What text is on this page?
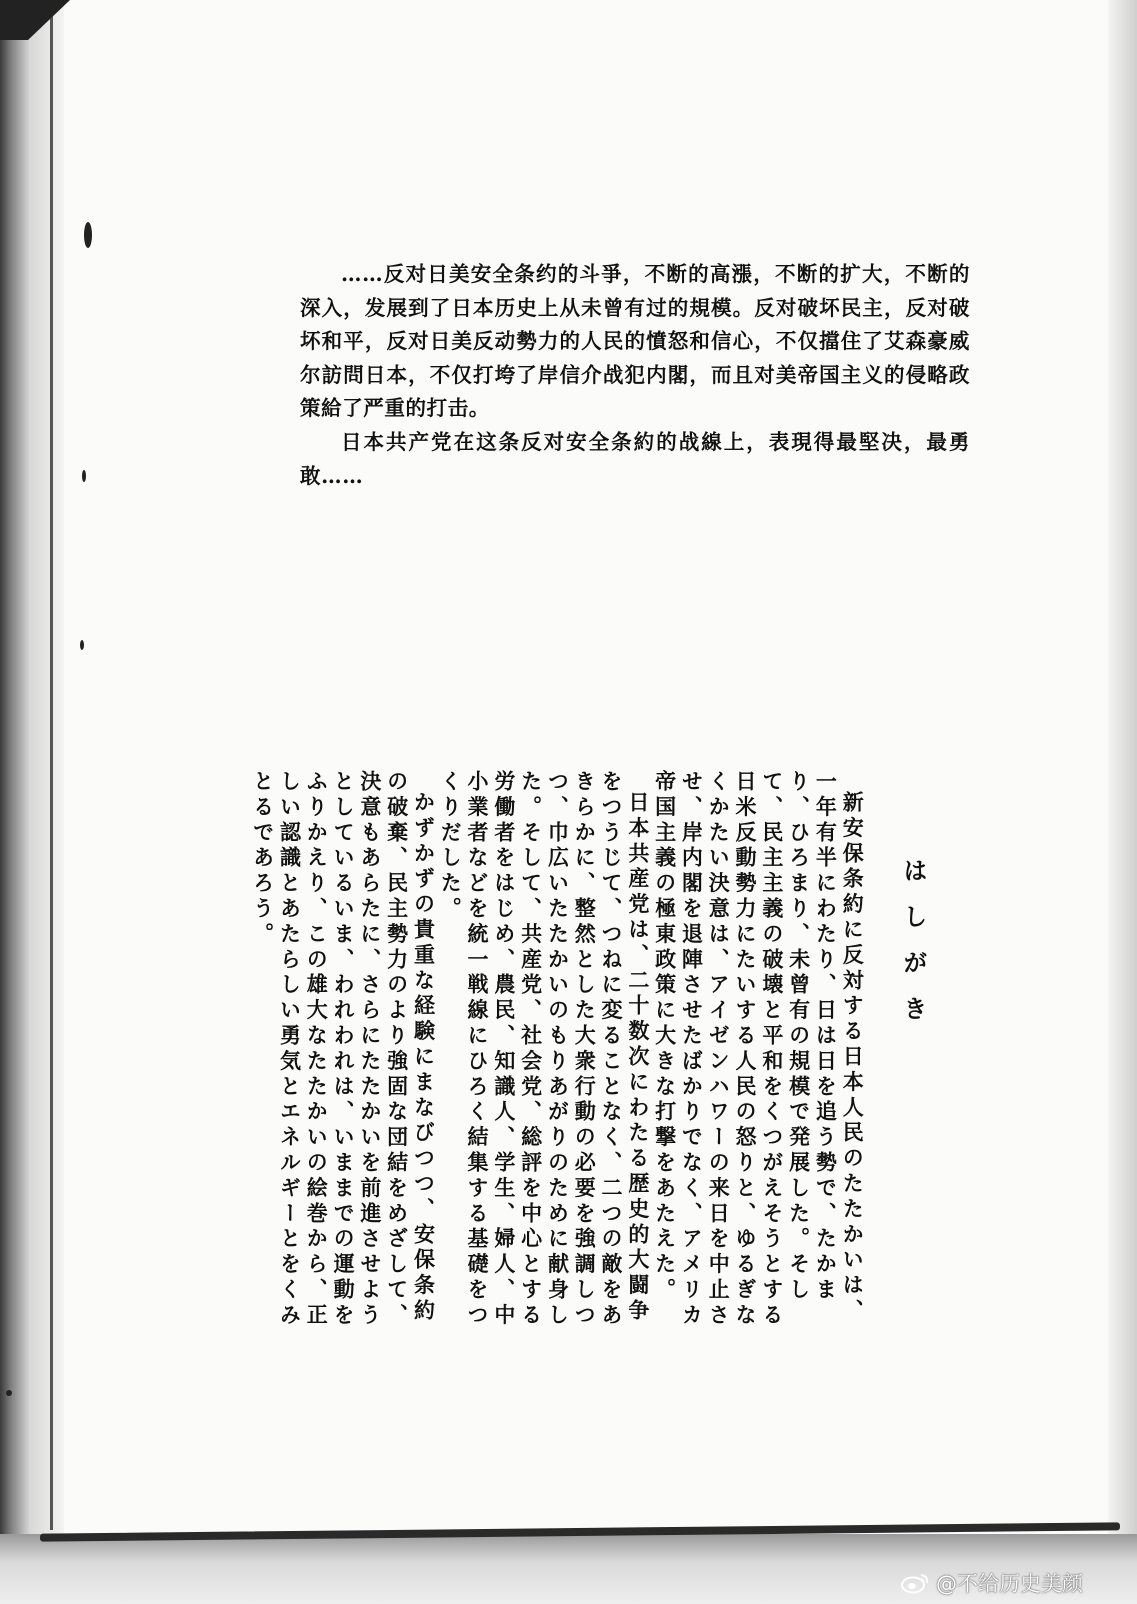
……反对日美安全条约的斗爭，不断的高漲，不断的扩大，不断的深入，发展到了日本历史上从未曾有过的規模。反对破坏民主，反对破坏和平，反对日美反动勢力的人民的憤怒和信心，不仅擋住了艾森豪威尔訪問日本，不仅打垮了岸信介战犯内閣，而且对美帝国主义的侵略政策給了严重的打击。

日本共产党在这条反对安全条約的战線上，表現得最堅决，最勇敢……

はしがき

新安保条約に反対する日本人民のたたかいは、一年有半にわたり、日は日を追う勢で、たかまり、ひろまり、未曾有の規模で発展した。そして、民主主義の破壊と平和をくつがえそうとする日米反動勢力にたいする人民の怒りと、ゆるぎなくかたい決意は、アイゼンハワーの来日を中止させ、岸内閣を退陣させたばかりでなく、アメリカ帝国主義の極東政策に大きな打撃をあたえた。

日本共産党は、二十数次にわたる歴史的大闘争をつうじて、つねに変ることなく、二つの敵をあきらかに、整然とした大衆行動の必要を強調しつつ、巾広いたたかいのもりあがりのために献身した。そして、共産党、社会党、総評を中心とする労働者をはじめ、農民、知識人、学生、婦人、中小業者などを統一戦線にひろく結集する基礎をつくりだした。

かずかずの貴重な経験にまなびつつ、安保条約の破棄、民主勢力のより強固な団結をめざして、決意もあらたに、さらにたたかいを前進させようとしているいま、われわれは、いままでの運動をふりかえり、この雄大なたたかいの絵巻から、正しい認識とあたらしい勇気とエネルギーとをくみとるであろう。

@不给历史美颜
